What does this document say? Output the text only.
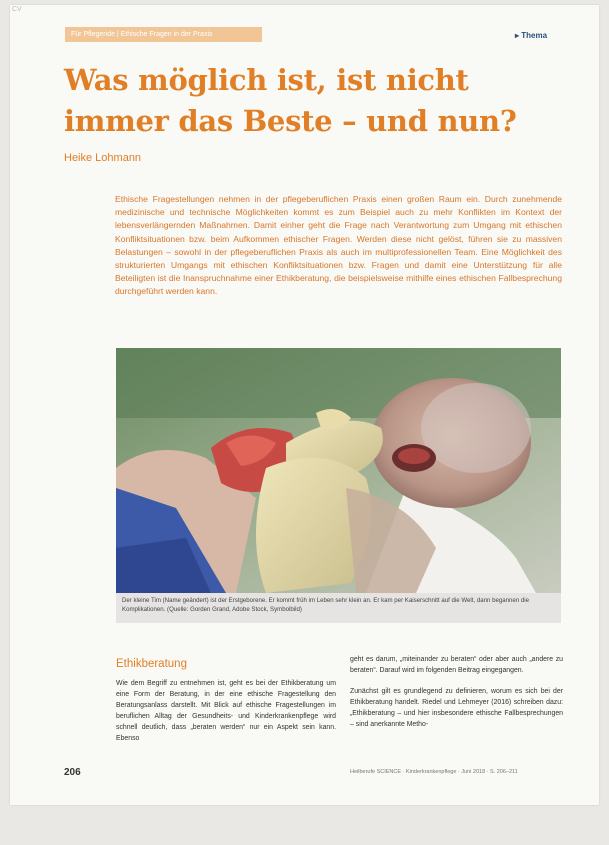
CV
Für Pflegende | Ethische Fragen in der Praxis	▸ Thema
Was möglich ist, ist nicht
immer das Beste – und nun?
Heike Lohmann

Ethische Fragestellungen nehmen in der pflegeberuflichen Praxis einen großen Raum ein. Durch zunehmende medizinische und technische Möglichkeiten kommt es zum Beispiel auch zu mehr Konflikten im Kontext der lebensverlängernden Maßnahmen. Damit einher geht die Frage nach Verantwortung zum Umgang mit ethischen Konfliktsituationen bzw. beim Aufkommen ethischer Fragen. Werden diese nicht gelöst, führen sie zu massiven Belastungen – sowohl in der pflegeberuflichen Praxis als auch im multiprofessionellen Team. Eine Möglichkeit des strukturierten Umgangs mit ethischen Konfliktsituationen bzw. Fragen und damit eine Unterstützung für alle Beteiligten ist die Inanspruchnahme einer Ethikberatung, die beispielsweise mithilfe eines ethischen Fallbesprechung durchgeführt werden kann.

Der kleine Tim (Name geändert) ist der Erstgeborene. Er kommt früh im Leben sehr klein an. Er kam per Kaiserschnitt auf die Welt, dann begannen die Komplikationen. (Quelle: Gorden Grand, Adobe Stock, Symbolbild)

Ethikberatung

Wie dem Begriff zu entnehmen ist, geht es bei der Ethikberatung um eine Form der Beratung, in der eine ethische Fragestellung den Beratungsanlass darstellt. Mit Blick auf ethische Fragestellungen im beruflichen Alltag der Gesundheits- und Kinderkrankenpflege wird schnell deutlich, dass „beraten werden“ nur ein Aspekt sein kann. Ebenso

geht es darum, „miteinander zu beraten“ oder aber auch „andere zu beraten“. Darauf wird im folgenden Beitrag eingegangen.

Zunächst gilt es grundlegend zu definieren, worum es sich bei der Ethikberatung handelt. Riedel und Lehmeyer (2016) schreiben dazu: „Ethikberatung – und hier insbesondere ethische Fallbesprechungen – sind anerkannte Metho-

206	Heilberufe SCIENCE · Kinderkrankenpflege · Juni 2018 · S. 206–211
